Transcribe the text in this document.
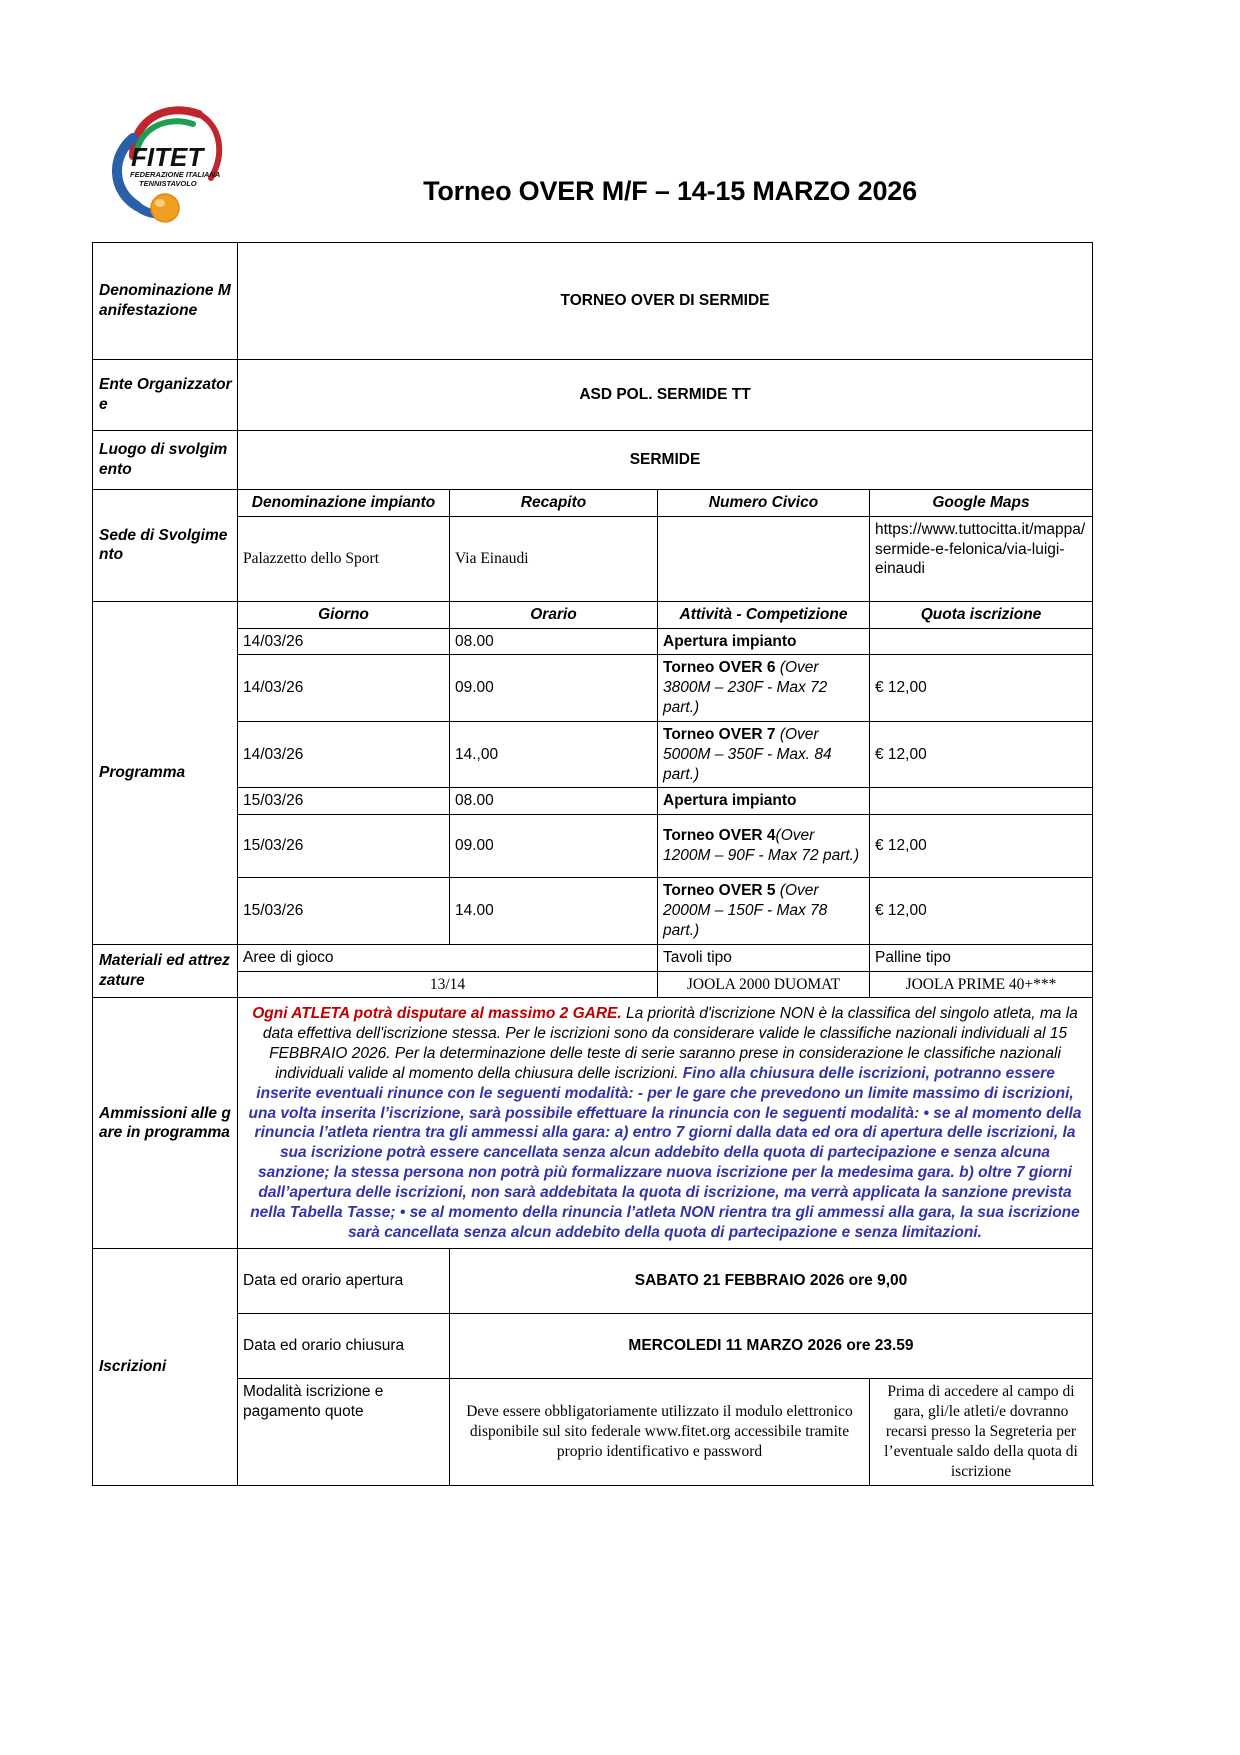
FITET
FEDERAZIONE ITALIANA
TENNISTAVOLO	Torneo OVER M/F – 14-15 MARZO 2026
Denominazione Manifestazione	TORNEO OVER DI SERMIDE			
Ente Organizzatore	ASD POL. SERMIDE TT			
Luogo di svolgimento	SERMIDE			
Sede di Svolgimento	Denominazione impianto	Recapito	Numero Civico	Google Maps
	Palazzetto dello Sport	Via Einaudi		https://www.tuttocitta.it/mappa/sermide-e-felonica/via-luigi-einaudi
Programma	Giorno	Orario	Attività - Competizione	Quota iscrizione
	14/03/26	08.00	Apertura impianto	
	14/03/26	09.00	Torneo OVER 6 (Over 3800M – 230F - Max 72 part.)	€ 12,00
	14/03/26	14.,00	Torneo OVER 7 (Over 5000M – 350F - Max. 84 part.)	€ 12,00
	15/03/26	08.00	Apertura impianto	
	15/03/26	09.00	Torneo OVER 4(Over 1200M – 90F - Max 72 part.)	€ 12,00
	15/03/26	14.00	Torneo OVER 5 (Over 2000M – 150F - Max 78 part.)	€ 12,00
Materiali ed attrezzature	Aree di gioco		Tavoli tipo	Palline tipo
	13/14		JOOLA 2000 DUOMAT	JOOLA PRIME 40+***
Ammissioni alle gare in programma	Ogni ATLETA potrà disputare al massimo 2 GARE. La priorità d'iscrizione NON è la classifica del singolo atleta, ma la data effettiva dell'iscrizione stessa. Per le iscrizioni sono da considerare valide le classifiche nazionali individuali al 15 FEBBRAIO 2026. Per la determinazione delle teste di serie saranno prese in considerazione le classifiche nazionali individuali valide al momento della chiusura delle iscrizioni. Fino alla chiusura delle iscrizioni, potranno essere inserite eventuali rinunce con le seguenti modalità: - per le gare che prevedono un limite massimo di iscrizioni, una volta inserita l’iscrizione, sarà possibile effettuare la rinuncia con le seguenti modalità: • se al momento della rinuncia l’atleta rientra tra gli ammessi alla gara: a) entro 7 giorni dalla data ed ora di apertura delle iscrizioni, la sua iscrizione potrà essere cancellata senza alcun addebito della quota di partecipazione e senza alcuna sanzione; la stessa persona non potrà più formalizzare nuova iscrizione per la medesima gara. b) oltre 7 giorni dall’apertura delle iscrizioni, non sarà addebitata la quota di iscrizione, ma verrà applicata la sanzione prevista nella Tabella Tasse; • se al momento della rinuncia l’atleta NON rientra tra gli ammessi alla gara, la sua iscrizione sarà cancellata senza alcun addebito della quota di partecipazione e senza limitazioni.			
Iscrizioni	Data ed orario apertura	SABATO 21 FEBBRAIO 2026 ore 9,00		
	Data ed orario chiusura	MERCOLEDI 11 MARZO 2026 ore 23.59		
	Modalità iscrizione e pagamento quote	Deve essere obbligatoriamente utilizzato il modulo elettronico disponibile sul sito federale www.fitet.org accessibile tramite proprio identificativo e password		Prima di accedere al campo di gara, gli/le atleti/e dovranno recarsi presso la Segreteria per l’eventuale saldo della quota di iscrizione
